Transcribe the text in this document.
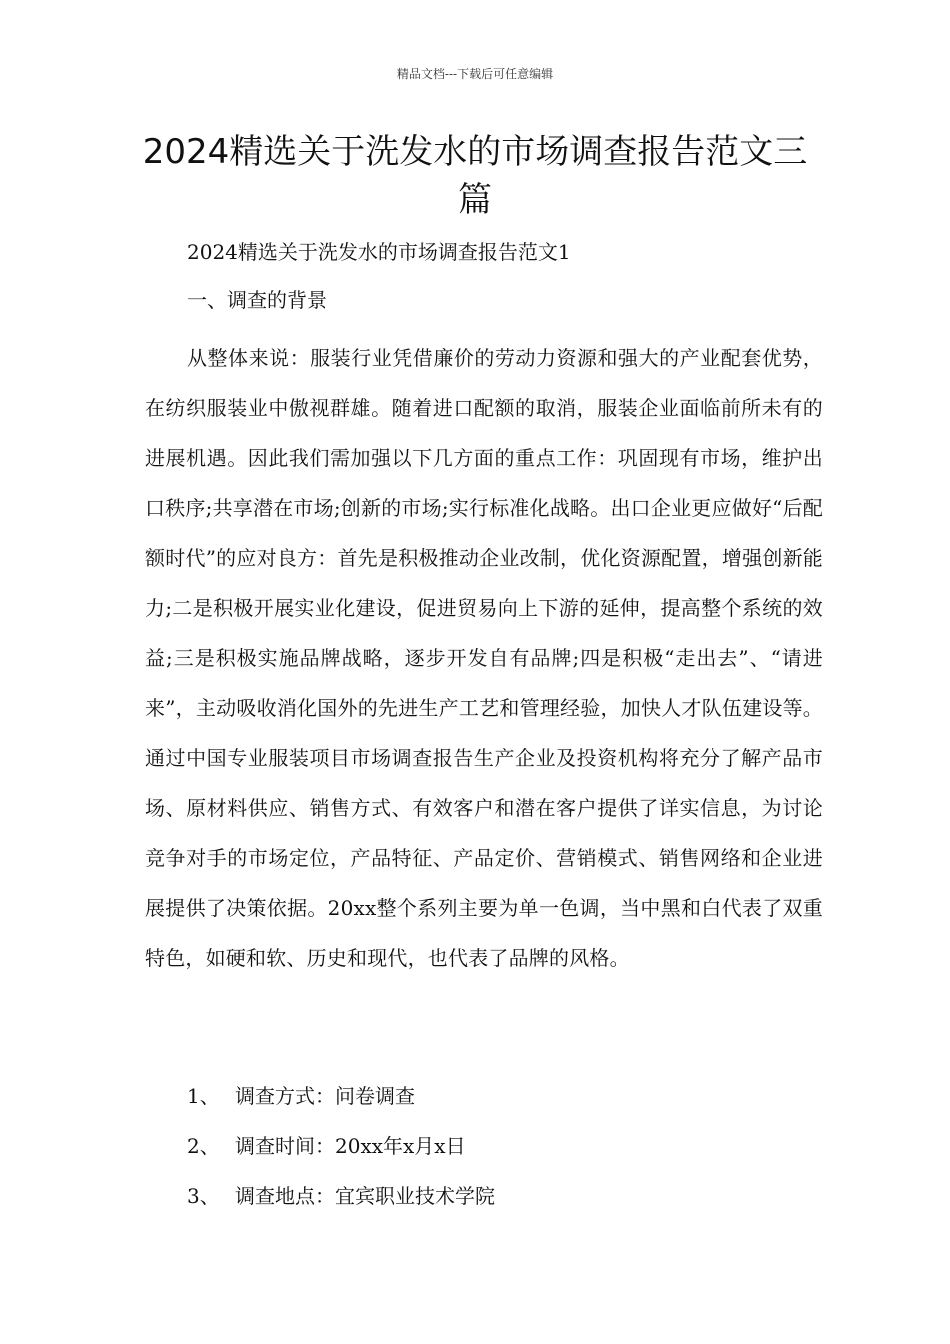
精品文档---下载后可任意编辑
2024精选关于洗发水的市场调查报告范文三篇
2024精选关于洗发水的市场调查报告范文1
一、调查的背景

从整体来说：服装行业凭借廉价的劳动力资源和强大的产业配套优势，在纺织服装业中傲视群雄。随着进口配额的取消，服装企业面临前所未有的进展机遇。因此我们需加强以下几方面的重点工作：巩固现有市场，维护出口秩序;共享潜在市场;创新的市场;实行标准化战略。出口企业更应做好“后配额时代”的应对良方：首先是积极推动企业改制，优化资源配置，增强创新能力;二是积极开展实业化建设，促进贸易向上下游的延伸，提高整个系统的效益;三是积极实施品牌战略，逐步开发自有品牌;四是积极“走出去”、“请进来”，主动吸收消化国外的先进生产工艺和管理经验，加快人才队伍建设等。通过中国专业服装项目市场调查报告生产企业及投资机构将充分了解产品市场、原材料供应、销售方式、有效客户和潜在客户提供了详实信息，为讨论竞争对手的市场定位，产品特征、产品定价、营销模式、销售网络和企业进展提供了决策依据。20xx整个系列主要为单一色调，当中黑和白代表了双重特色，如硬和软、历史和现代，也代表了品牌的风格。

1、 调查方式：问卷调查
2、 调查时间：20xx年x月x日
3、 调查地点：宜宾职业技术学院
